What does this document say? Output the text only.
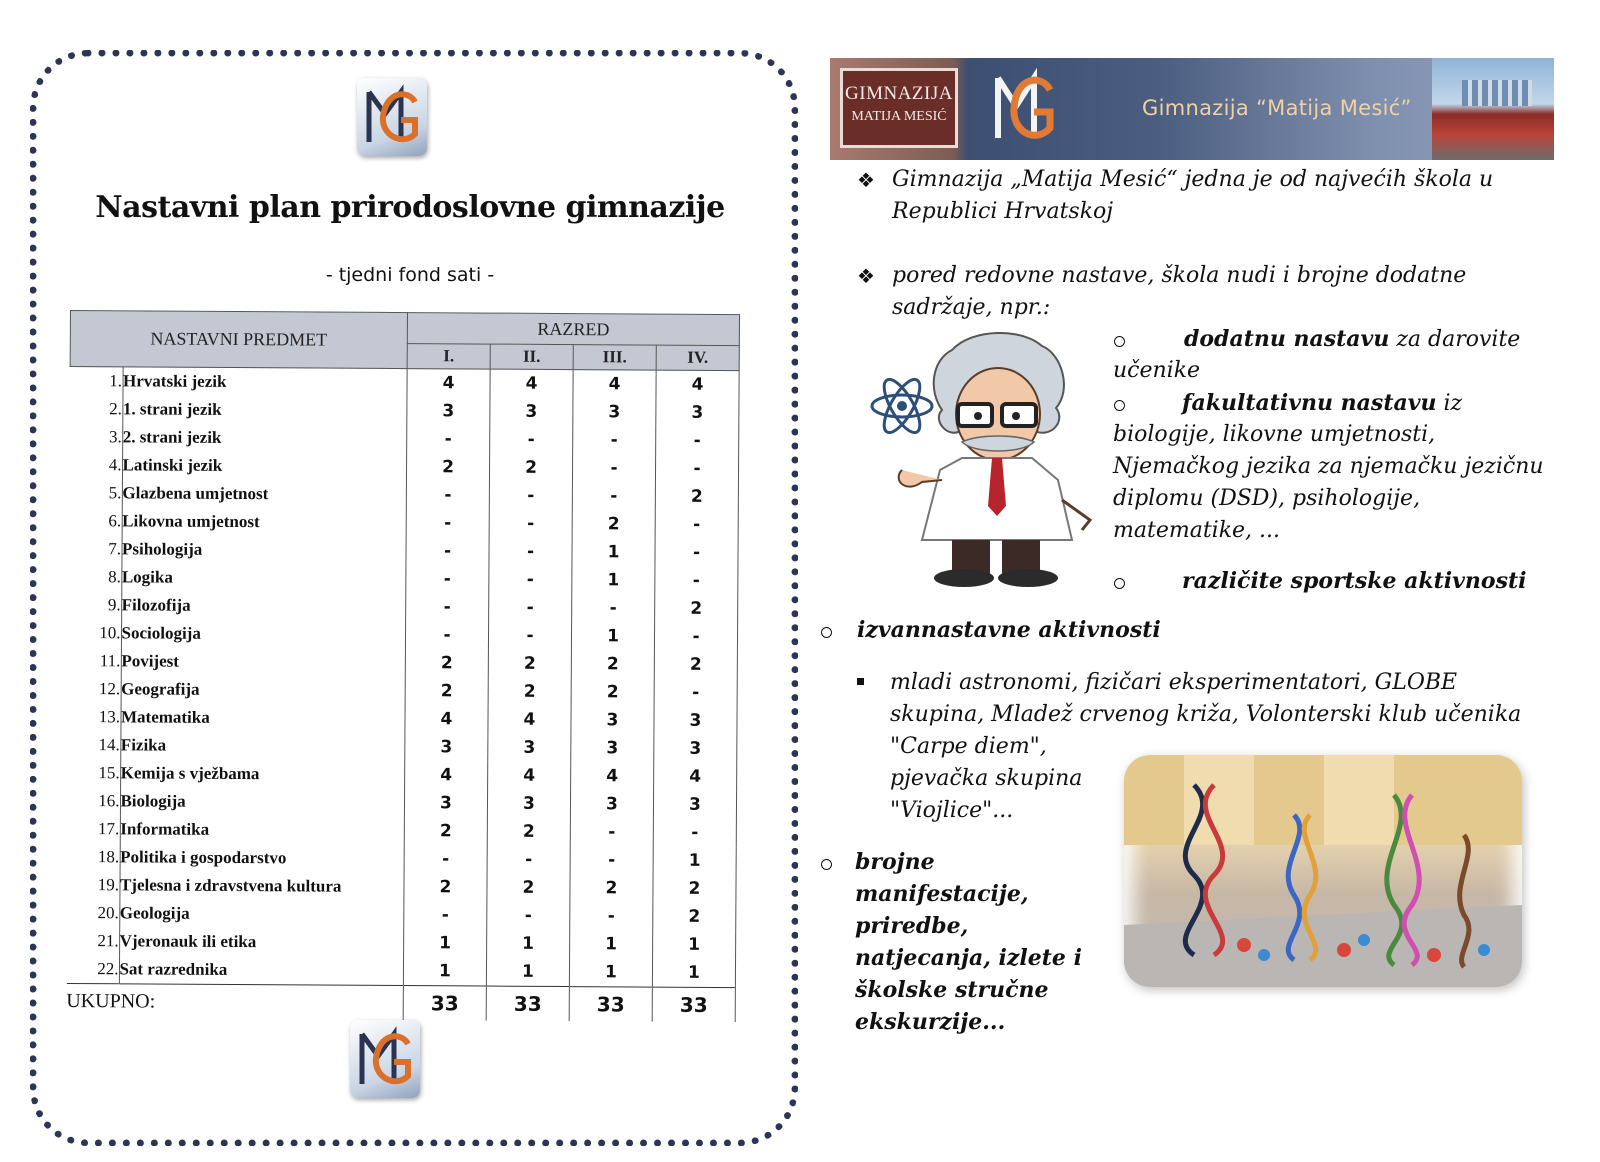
Nastavni plan prirodoslovne gimnazije
- tjedni fond sati -
NASTAVNI PREDMET		RAZRED			
		I.	II.	III.	IV.
1.	Hrvatski jezik	4	4	4	4
2.	1. strani jezik	3	3	3	3
3.	2. strani jezik	-	-	-	-
4.	Latinski jezik	2	2	-	-
5.	Glazbena umjetnost	-	-	-	2
6.	Likovna umjetnost	-	-	2	-
7.	Psihologija	-	-	1	-
8.	Logika	-	-	1	-
9.	Filozofija	-	-	-	2
10.	Sociologija	-	-	1	-
11.	Povijest	2	2	2	2
12.	Geografija	2	2	2	-
13.	Matematika	4	4	3	3
14.	Fizika	3	3	3	3
15.	Kemija s vježbama	4	4	4	4
16.	Biologija	3	3	3	3
17.	Informatika	2	2	-	-
18.	Politika i gospodarstvo	-	-	-	1
19.	Tjelesna i zdravstvena kultura	2	2	2	2
20.	Geologija	-	-	-	2
21.	Vjeronauk ili etika	1	1	1	1
22.	Sat razrednika	1	1	1	1
UKUPNO:		33	33	33	33
GIMNAZIJA
MATIJA MESIĆ	Gimnazija “Matija Mesić”
❖ Gimnazija „Matija Mesić“ jedna je od najvećih škola u Republici Hrvatskoj
❖ pored redovne nastave, škola nudi i brojne dodatne sadržaje, npr.:
dodatnu nastavu za darovite
učenike
fakultativnu nastavu iz
biologije, likovne umjetnosti,
Njemačkog jezika za njemačku jezičnu
diplomu (DSD), psihologije,
matematike, ...
različite sportske aktivnosti
izvannastavne aktivnosti
mladi astronomi, fizičari eksperimentatori, GLOBE
skupina, Mladež crvenog križa, Volonterski klub učenika
"Carpe diem",
pjevačka skupina
"Viojlice"...
brojne
manifestacije,
priredbe,
natjecanja, izlete i
školske stručne
ekskurzije...
